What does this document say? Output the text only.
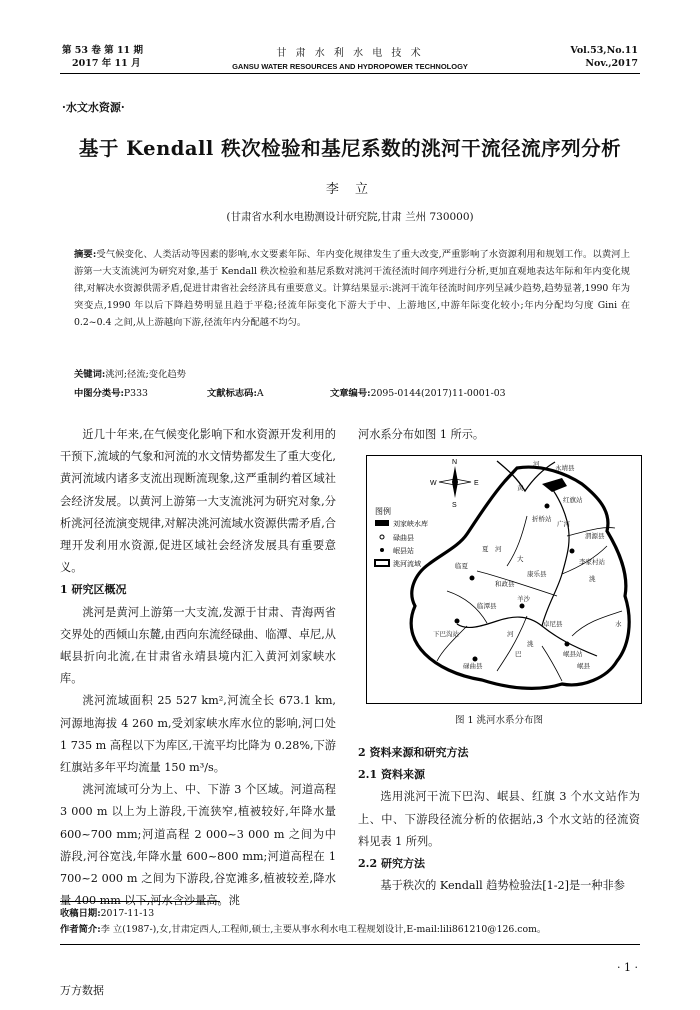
第 53 卷 第 11 期
2017 年 11 月
甘 肃 水 利 水 电 技 术
GANSU WATER RESOURCES AND HYDROPOWER TECHNOLOGY
Vol.53,No.11
Nov.,2017
·水文水资源·
基于 Kendall 秩次检验和基尼系数的洮河干流径流序列分析
李 立
(甘肃省水利水电勘测设计研究院,甘肃 兰州 730000)
摘要:受气候变化、人类活动等因素的影响,水文要素年际、年内变化规律发生了重大改变,严重影响了水资源利用和规划工作。以黄河上游第一大支流洮河为研究对象,基于 Kendall 秩次检验和基尼系数对洮河干流径流时间序列进行分析,更加直观地表达年际和年内变化规律,对解决水资源供需矛盾,促进甘肃省社会经济具有重要意义。计算结果显示:洮河干流年径流时间序列呈减少趋势,趋势显著,1990 年为突变点,1990 年以后下降趋势明显且趋于平稳;径流年际变化下游大于中、上游地区,中游年际变化较小;年内分配均匀度 Gini 在 0.2~0.4 之间,从上游越向下游,径流年内分配越不均匀。
关键词:洮河;径流;变化趋势
中图分类号:P333	文献标志码:A	文章编号:2095-0144(2017)11-0001-03

近几十年来,在气候变化影响下和水资源开发利用的干预下,流域的气象和河流的水文情势都发生了重大变化,黄河流域内诸多支流出现断流现象,这严重制约着区域社会经济发展。以黄河上游第一大支流洮河为研究对象,分析洮河径流演变规律,对解决洮河流域水资源供需矛盾,合理开发利用水资源,促进区域社会经济发展具有重要意义。

1 研究区概况

洮河是黄河上游第一大支流,发源于甘肃、青海两省交界处的西倾山东麓,由西向东流经碌曲、临潭、卓尼,从岷县折向北流,在甘肃省永靖县境内汇入黄河刘家峡水库。

洮河流域面积 25 527 km²,河流全长 673.1 km,河源地海拔 4 260 m,受刘家峡水库水位的影响,河口处 1 735 m 高程以下为库区,干流平均比降为 0.28%,下游红旗站多年平均流量 150 m³/s。

洮河流域可分为上、中、下游 3 个区域。河道高程 3 000 m 以上为上游段,干流狭窄,植被较好,年降水量 600~700 mm;河道高程 2 000~3 000 m 之间为中游段,河谷宽浅,年降水量 600~800 mm;河道高程在 1 700~2 000 m 之间为下游段,谷宽滩多,植被较差,降水量 400 mm 以下,河水含沙量高。洮

河水系分布如图 1 所示。

N
S
W	E
图例
刘家峡水库
碌曲县
岷县站
洮河流域
永靖县
黄
河
红旗站
临夏
夏 河
大
康乐县
渭源县
李家村站
洮
临潭县
羊沙
卓尼县
碌曲县
岷县站
岷县
下巴沟站
折桥站
广河
和政县
河
洮
巴
水
图 1 洮河水系分布图
2 资料来源和研究方法
2.1 资料来源

选用洮河干流下巴沟、岷县、红旗 3 个水文站作为上、中、下游段径流分析的依据站,3 个水文站的径流资料见表 1 所列。

2.2 研究方法

基于秩次的 Kendall 趋势检验法[1-2]是一种非参

收稿日期:2017-11-13
作者简介:李 立(1987-),女,甘肃定西人,工程师,硕士,主要从事水利水电工程规划设计,E-mail:lili861210@126.com。
· 1 ·
万方数据
